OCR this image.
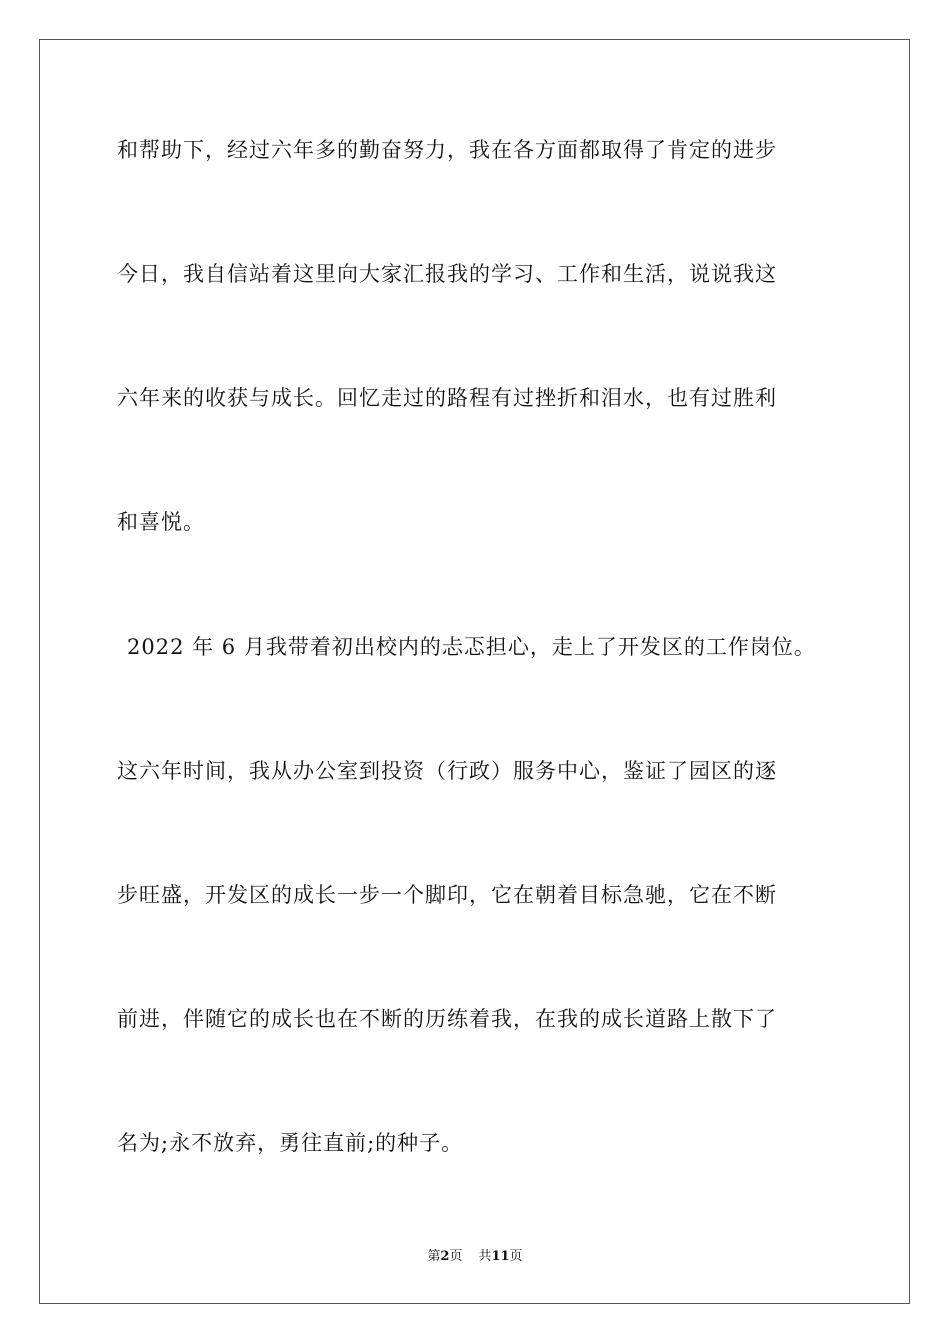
和帮助下，经过六年多的勤奋努力，我在各方面都取得了肯定的进步
今日，我自信站着这里向大家汇报我的学习、工作和生活，说说我这
六年来的收获与成长。回忆走过的路程有过挫折和泪水，也有过胜利
和喜悦。
2022 年 6 月我带着初出校内的忐忑担心，走上了开发区的工作岗位。
这六年时间，我从办公室到投资（行政）服务中心，鉴证了园区的逐
步旺盛，开发区的成长一步一个脚印，它在朝着目标急驰，它在不断
前进，伴随它的成长也在不断的历练着我，在我的成长道路上散下了
名为;永不放弃，勇往直前;的种子。
第2页 共11页
